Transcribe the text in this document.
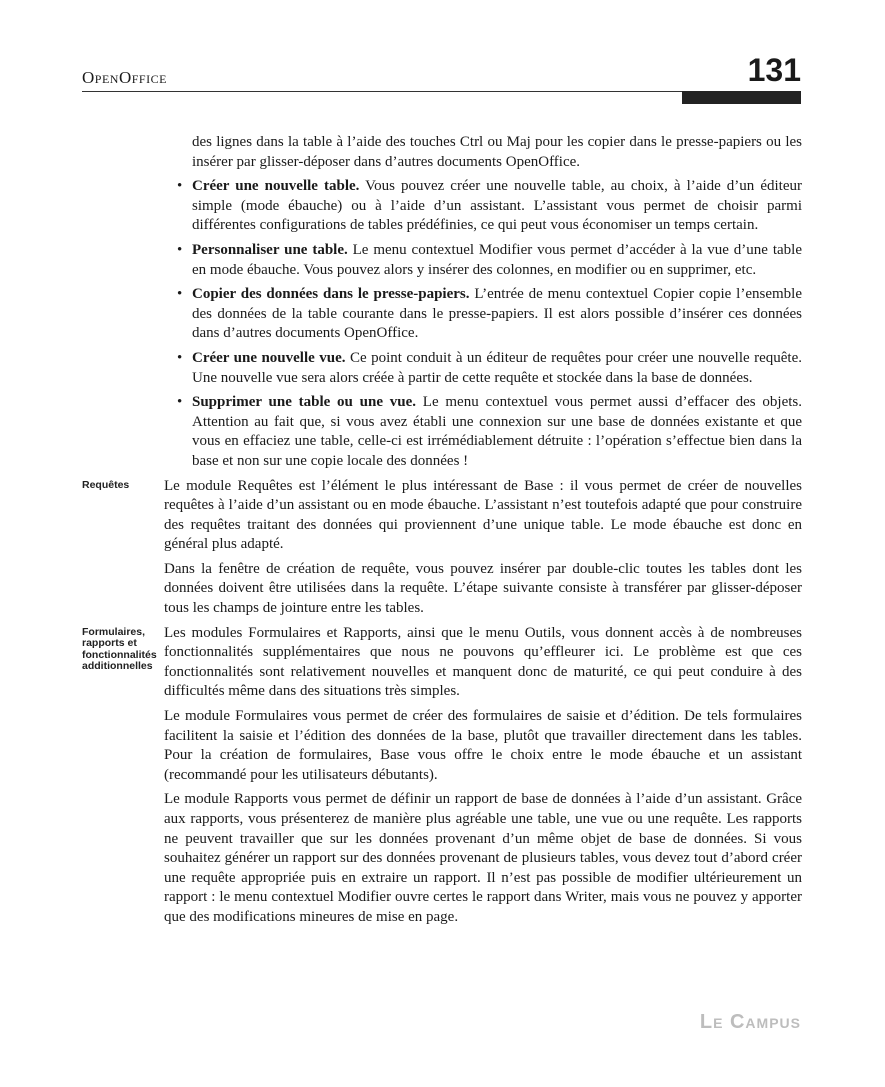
OpenOffice	131

des lignes dans la table à l’aide des touches Ctrl ou Maj pour les copier dans le presse-papiers ou les insérer par glisser-déposer dans d’autres documents OpenOffice.

• Créer une nouvelle table. Vous pouvez créer une nouvelle table, au choix, à l’aide d’un éditeur simple (mode ébauche) ou à l’aide d’un assistant. L’assistant vous permet de choisir parmi différentes configurations de tables prédéfinies, ce qui peut vous économiser un temps certain.
• Personnaliser une table. Le menu contextuel Modifier vous permet d’accéder à la vue d’une table en mode ébauche. Vous pouvez alors y insérer des colonnes, en modifier ou en supprimer, etc.
• Copier des données dans le presse-papiers. L’entrée de menu contextuel Copier copie l’ensemble des données de la table courante dans le presse-papiers. Il est alors possible d’insérer ces données dans d’autres documents OpenOffice.
• Créer une nouvelle vue. Ce point conduit à un éditeur de requêtes pour créer une nouvelle requête. Une nouvelle vue sera alors créée à partir de cette requête et stockée dans la base de données.
• Supprimer une table ou une vue. Le menu contextuel vous permet aussi d’effacer des objets. Attention au fait que, si vous avez établi une connexion sur une base de données existante et que vous en effaciez une table, celle-ci est irrémédiablement détruite : l’opération s’effectue bien dans la base et non sur une copie locale des données !
Requêtes	Le module Requêtes est l’élément le plus intéressant de Base : il vous permet de créer de nouvelles requêtes à l’aide d’un assistant ou en mode ébauche. L’assistant n’est toutefois adapté que pour construire des requêtes traitant des données qui proviennent d’une unique table. Le mode ébauche est donc en général plus adapté.

Dans la fenêtre de création de requête, vous pouvez insérer par double-clic toutes les tables dont les données doivent être utilisées dans la requête. L’étape suivante consiste à transférer par glisser-déposer tous les champs de jointure entre les tables.

Formulaires, rapports et fonctionnalités additionnelles

Les modules Formulaires et Rapports, ainsi que le menu Outils, vous donnent accès à de nombreuses fonctionnalités supplémentaires que nous ne pouvons qu’effleurer ici. Le problème est que ces fonctionnalités sont relativement nouvelles et manquent donc de maturité, ce qui peut conduire à des difficultés même dans des situations très simples.

Le module Formulaires vous permet de créer des formulaires de saisie et d’édition. De tels formulaires facilitent la saisie et l’édition des données de la base, plutôt que travailler directement dans les tables. Pour la création de formulaires, Base vous offre le choix entre le mode ébauche et un assistant (recommandé pour les utilisateurs débutants).

Le module Rapports vous permet de définir un rapport de base de données à l’aide d’un assistant. Grâce aux rapports, vous présenterez de manière plus agréable une table, une vue ou une requête. Les rapports ne peuvent travailler que sur les données provenant d’un même objet de base de données. Si vous souhaitez générer un rapport sur des données provenant de plusieurs tables, vous devez tout d’abord créer une requête appropriée puis en extraire un rapport. Il n’est pas possible de modifier ultérieurement un rapport : le menu contextuel Modifier ouvre certes le rapport dans Writer, mais vous ne pouvez y apporter que des modifications mineures de mise en page.

Le Campus
